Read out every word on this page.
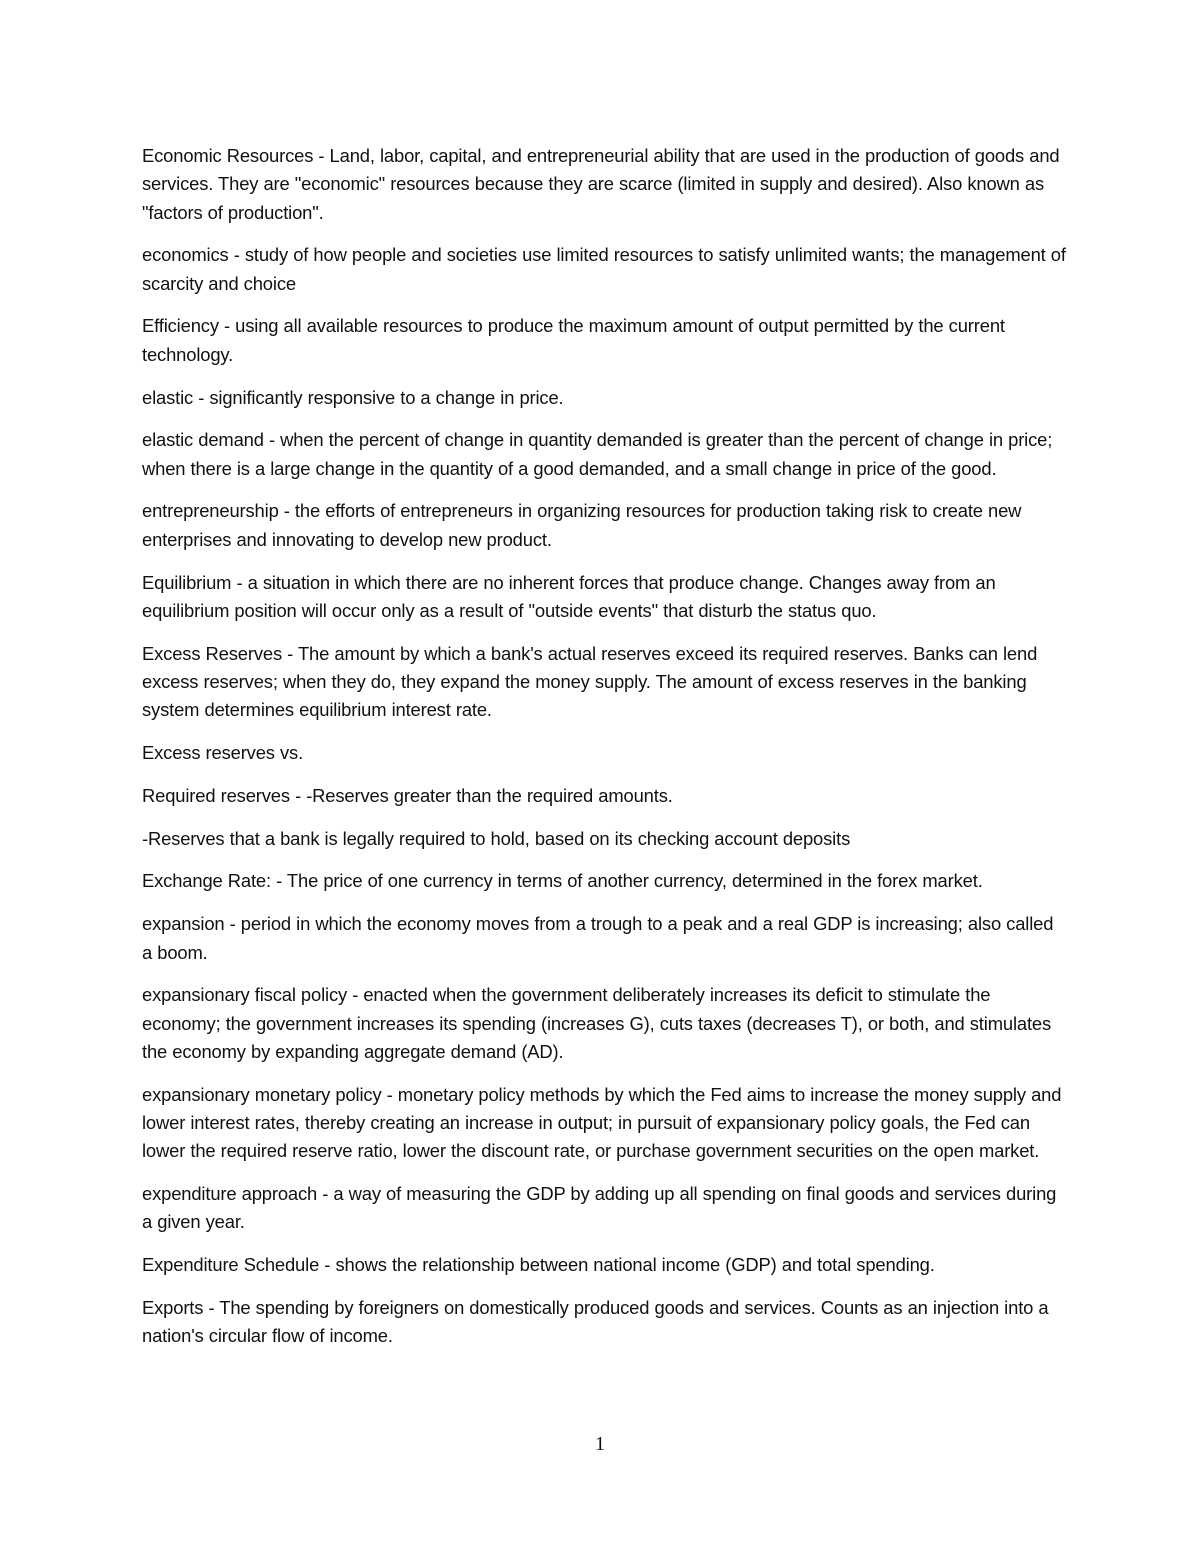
Economic Resources - Land, labor, capital, and entrepreneurial ability that are used in the production of goods and services. They are "economic" resources because they are scarce (limited in supply and desired). Also known as "factors of production".

economics - study of how people and societies use limited resources to satisfy unlimited wants; the management of scarcity and choice

Efficiency - using all available resources to produce the maximum amount of output permitted by the current technology.

elastic - significantly responsive to a change in price.

elastic demand - when the percent of change in quantity demanded is greater than the percent of change in price; when there is a large change in the quantity of a good demanded, and a small change in price of the good.

entrepreneurship - the efforts of entrepreneurs in organizing resources for production taking risk to create new enterprises and innovating to develop new product.

Equilibrium - a situation in which there are no inherent forces that produce change. Changes away from an equilibrium position will occur only as a result of "outside events" that disturb the status quo.

Excess Reserves - The amount by which a bank's actual reserves exceed its required reserves. Banks can lend excess reserves; when they do, they expand the money supply. The amount of excess reserves in the banking system determines equilibrium interest rate.

Excess reserves vs.

Required reserves - -Reserves greater than the required amounts.

-Reserves that a bank is legally required to hold, based on its checking account deposits

Exchange Rate: - The price of one currency in terms of another currency, determined in the forex market.

expansion - period in which the economy moves from a trough to a peak and a real GDP is increasing; also called a boom.

expansionary fiscal policy - enacted when the government deliberately increases its deficit to stimulate the economy; the government increases its spending (increases G), cuts taxes (decreases T), or both, and stimulates the economy by expanding aggregate demand (AD).

expansionary monetary policy - monetary policy methods by which the Fed aims to increase the money supply and lower interest rates, thereby creating an increase in output; in pursuit of expansionary policy goals, the Fed can lower the required reserve ratio, lower the discount rate, or purchase government securities on the open market.

expenditure approach - a way of measuring the GDP by adding up all spending on final goods and services during a given year.

Expenditure Schedule - shows the relationship between national income (GDP) and total spending.

Exports - The spending by foreigners on domestically produced goods and services. Counts as an injection into a nation's circular flow of income.

1
